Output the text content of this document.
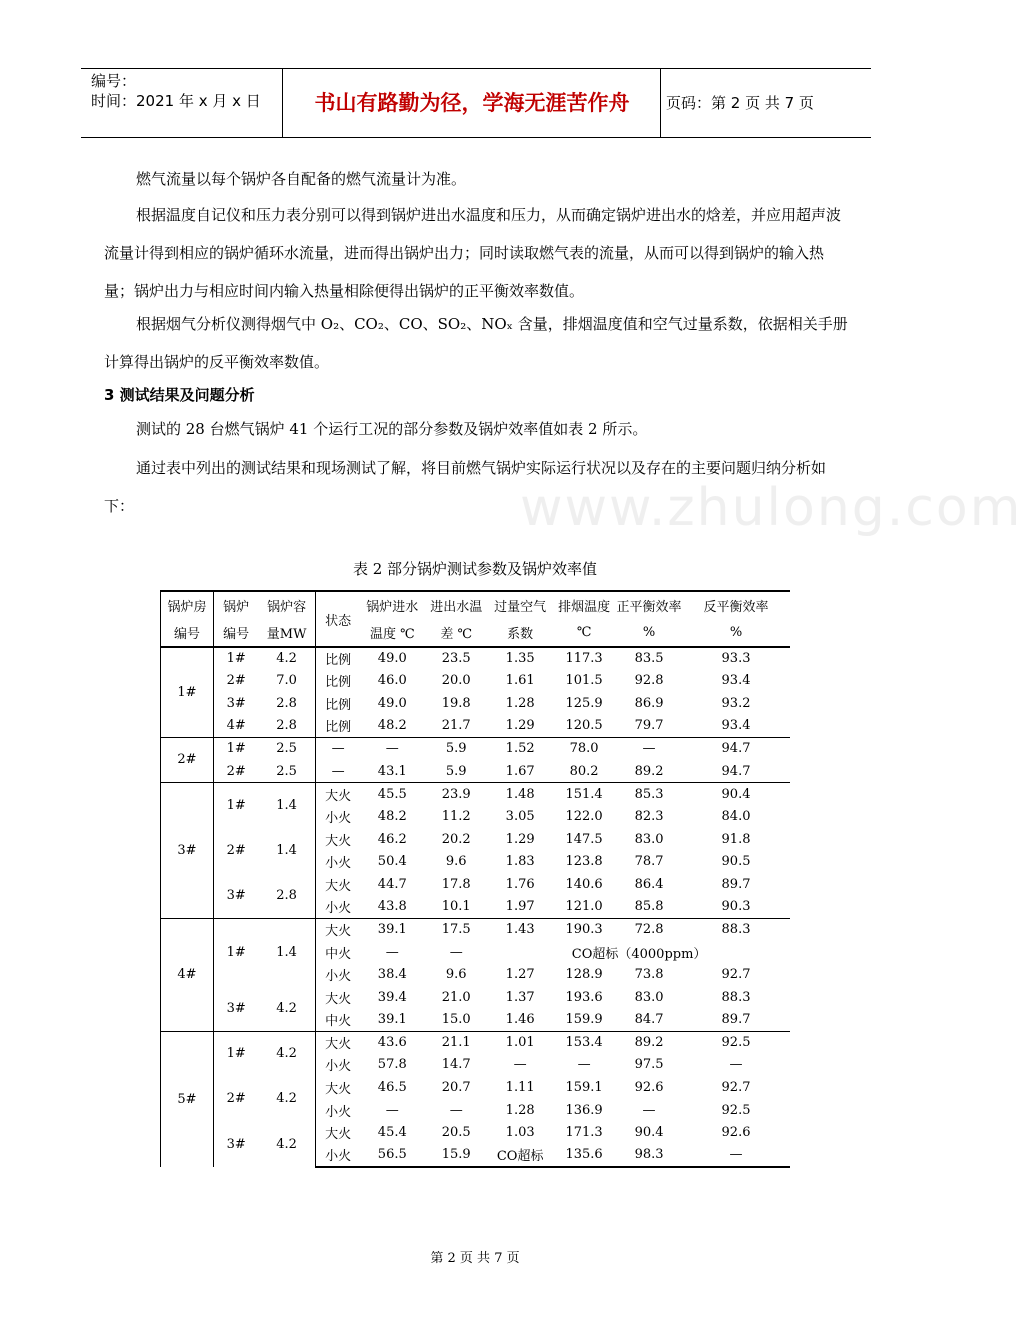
编号：
时间：2021 年 x 月 x 日	书山有路勤为径，学海无涯苦作舟	页码：第 2 页 共 7 页
www.zhulong.com
燃气流量以每个锅炉各自配备的燃气流量计为准。
根据温度自记仪和压力表分别可以得到锅炉进出水温度和压力，从而确定锅炉进出水的焓差，并应用超声波流量计得到相应的锅炉循环水流量，进而得出锅炉出力；同时读取燃气表的流量，从而可以得到锅炉的输入热量；锅炉出力与相应时间内输入热量相除便得出锅炉的正平衡效率数值。
根据烟气分析仪测得烟气中 O₂、CO₂、CO、SO₂、NOₓ 含量，排烟温度值和空气过量系数，依据相关手册计算得出锅炉的反平衡效率数值。
3 测试结果及问题分析
测试的 28 台燃气锅炉 41 个运行工况的部分参数及锅炉效率值如表 2 所示。
通过表中列出的测试结果和现场测试了解，将目前燃气锅炉实际运行状况以及存在的主要问题归纳分析如下：
表 2 部分锅炉测试参数及锅炉效率值
锅炉房	锅炉	锅炉容	状态	锅炉进水	进出水温	过量空气	排烟温度	正平衡效率	反平衡效率
编号	编号	量MW		温度 ℃	差 ℃	系数	℃	%	%
1#	1#	4.2	比例	49.0	23.5	1.35	117.3	83.5	93.3
	2#	7.0	比例	46.0	20.0	1.61	101.5	92.8	93.4
	3#	2.8	比例	49.0	19.8	1.28	125.9	86.9	93.2
	4#	2.8	比例	48.2	21.7	1.29	120.5	79.7	93.4
2#	1#	2.5	—	—	5.9	1.52	78.0	—	94.7
	2#	2.5	—	43.1	5.9	1.67	80.2	89.2	94.7
3#	1#	1.4	大火	45.5	23.9	1.48	151.4	85.3	90.4
			小火	48.2	11.2	3.05	122.0	82.3	84.0
	2#	1.4	大火	46.2	20.2	1.29	147.5	83.0	91.8
			小火	50.4	9.6	1.83	123.8	78.7	90.5
	3#	2.8	大火	44.7	17.8	1.76	140.6	86.4	89.7
			小火	43.8	10.1	1.97	121.0	85.8	90.3
4#	1#	1.4	大火	39.1	17.5	1.43	190.3	72.8	88.3
			中火	—	—	CO超标（4000ppm）			
			小火	38.4	9.6	1.27	128.9	73.8	92.7
	3#	4.2	大火	39.4	21.0	1.37	193.6	83.0	88.3
			中火	39.1	15.0	1.46	159.9	84.7	89.7
5#	1#	4.2	大火	43.6	21.1	1.01	153.4	89.2	92.5
			小火	57.8	14.7	—	—	97.5	—
	2#	4.2	大火	46.5	20.7	1.11	159.1	92.6	92.7
			小火	—	—	1.28	136.9	—	92.5
	3#	4.2	大火	45.4	20.5	1.03	171.3	90.4	92.6
			小火	56.5	15.9	CO超标	135.6	98.3	—
第 2 页 共 7 页
